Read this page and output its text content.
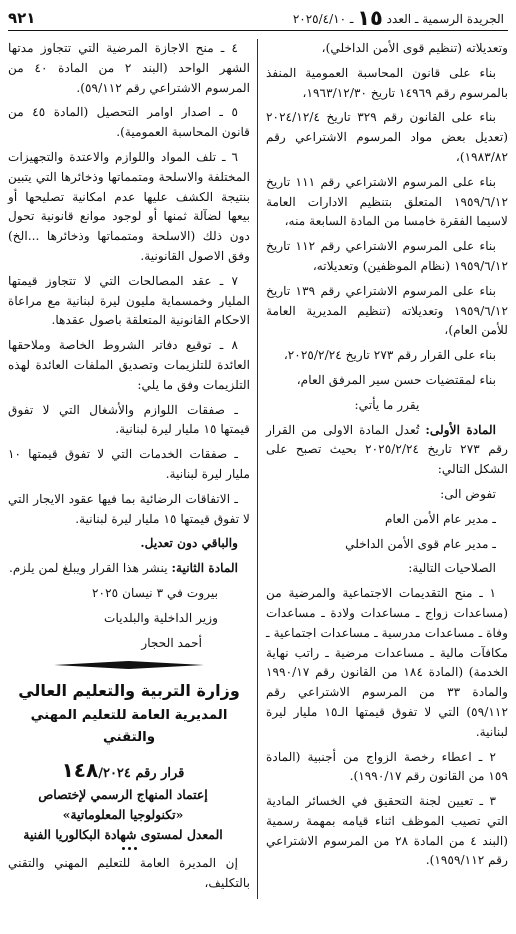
الجريدة الرسمية ـ العدد ١٥ ـ ٢٠٢٥/٤/١٠
٩٢١

وتعديلاته (تنظيم قوى الأمن الداخلي)،

بناء على قانون المحاسبة العمومية المنفذ بالمرسوم رقم ١٤٩٦٩ تاريخ ١٩٦٣/١٢/٣٠،

بناء على القانون رقم ٣٢٩ تاريخ ٢٠٢٤/١٢/٤ (تعديل بعض مواد المرسوم الاشتراعي رقم ١٩٨٣/٨٢)،

بناء على المرسوم الاشتراعي رقم ١١١ تاريخ ١٩٥٩/٦/١٢ المتعلق بتنظيم الادارات العامة لاسيما الفقرة خامسا من المادة السابعة منه،

بناء على المرسوم الاشتراعي رقم ١١٢ تاريخ ١٩٥٩/٦/١٢ (نظام الموظفين) وتعديلاته،

بناء على المرسوم الاشتراعي رقم ١٣٩ تاريخ ١٩٥٩/٦/١٢ وتعديلاته (تنظيم المديرية العامة للأمن العام)،

بناء على القرار رقم ٢٧٣ تاريخ ٢٠٢٥/٢/٢٤،

بناء لمقتضيات حسن سير المرفق العام،

يقرر ما يأتي:

المادة الأولى: تُعدل المادة الاولى من القرار رقم ٢٧٣ تاريخ ٢٠٢٥/٢/٢٤ بحيث تصبح على الشكل التالي:

تفوض الى:

ـ مدير عام الأمن العام

ـ مدير عام قوى الأمن الداخلي

الصلاحيات التالية:

١ ـ منح التقديمات الاجتماعية والمرضية من (مساعدات زواج ـ مساعدات ولادة ـ مساعدات وفاة ـ مساعدات مدرسية ـ مساعدات اجتماعية ـ مكافآت مالية ـ مساعدات مرضية ـ راتب نهاية الخدمة) (المادة ١٨٤ من القانون رقم ١٩٩٠/١٧ والمادة ٣٣ من المرسوم الاشتراعي رقم ٥٩/١١٢) التي لا تفوق قيمتها الـ١٥ مليار ليرة لبنانية.

٢ ـ اعطاء رخصة الزواج من أجنبية (المادة ١٥٩ من القانون رقم ١٩٩٠/١٧).

٣ ـ تعيين لجنة التحقيق في الخسائر المادية التي تصيب الموظف اثناء قيامه بمهمة رسمية (البند ٤ من المادة ٢٨ من المرسوم الاشتراعي رقم ١٩٥٩/١١٢).

٤ ـ منح الاجازة المرضية التي تتجاوز مدتها الشهر الواحد (البند ٢ من المادة ٤٠ من المرسوم الاشتراعي رقم ٥٩/١١٢).

٥ ـ اصدار اوامر التحصيل (المادة ٤٥ من قانون المحاسبة العمومية).

٦ ـ تلف المواد واللوازم والاعتدة والتجهيزات المختلفة والاسلحة ومتمماتها وذخائرها التي يتبين بنتيجة الكشف عليها عدم امكانية تصليحها أو بيعها لضآلة ثمنها أو لوجود موانع قانونية تحول دون ذلك (الاسلحة ومتمماتها وذخائرها ...الخ) وفق الاصول القانونية.

٧ ـ عقد المصالحات التي لا تتجاوز قيمتها المليار وخمسماية مليون ليرة لبنانية مع مراعاة الاحكام القانونية المتعلقة باصول عقدها.

٨ ـ توقيع دفاتر الشروط الخاصة وملاحقها العائدة للتلزيمات وتصديق الملفات العائدة لهذه التلزيمات وفق ما يلي:

ـ صفقات اللوازم والأشغال التي لا تفوق قيمتها ١٥ مليار ليرة لبنانية.

ـ صفقات الخدمات التي لا تفوق قيمتها ١٠ مليار ليرة لبنانية.

ـ الاتفاقات الرضائية بما فيها عقود الايجار التي لا تفوق قيمتها ١٥ مليار ليرة لبنانية.

والباقي دون تعديل.

المادة الثانية: ينشر هذا القرار ويبلغ لمن يلزم.

بيروت في ٣ نيسان ٢٠٢٥

وزير الداخلية والبلديات

أحمد الحجار

وزارة التربية والتعليم العالي
المديرية العامة للتعليم المهني والتقني

قرار رقم ١٤٨/٢٠٢٤

إعتماد المنهاج الرسمي لإختصاص

«تكنولوجيا المعلوماتية»

المعدل لمستوى شهادة البكالوريا الفنية

إن المديرة العامة للتعليم المهني والتقني بالتكليف،
